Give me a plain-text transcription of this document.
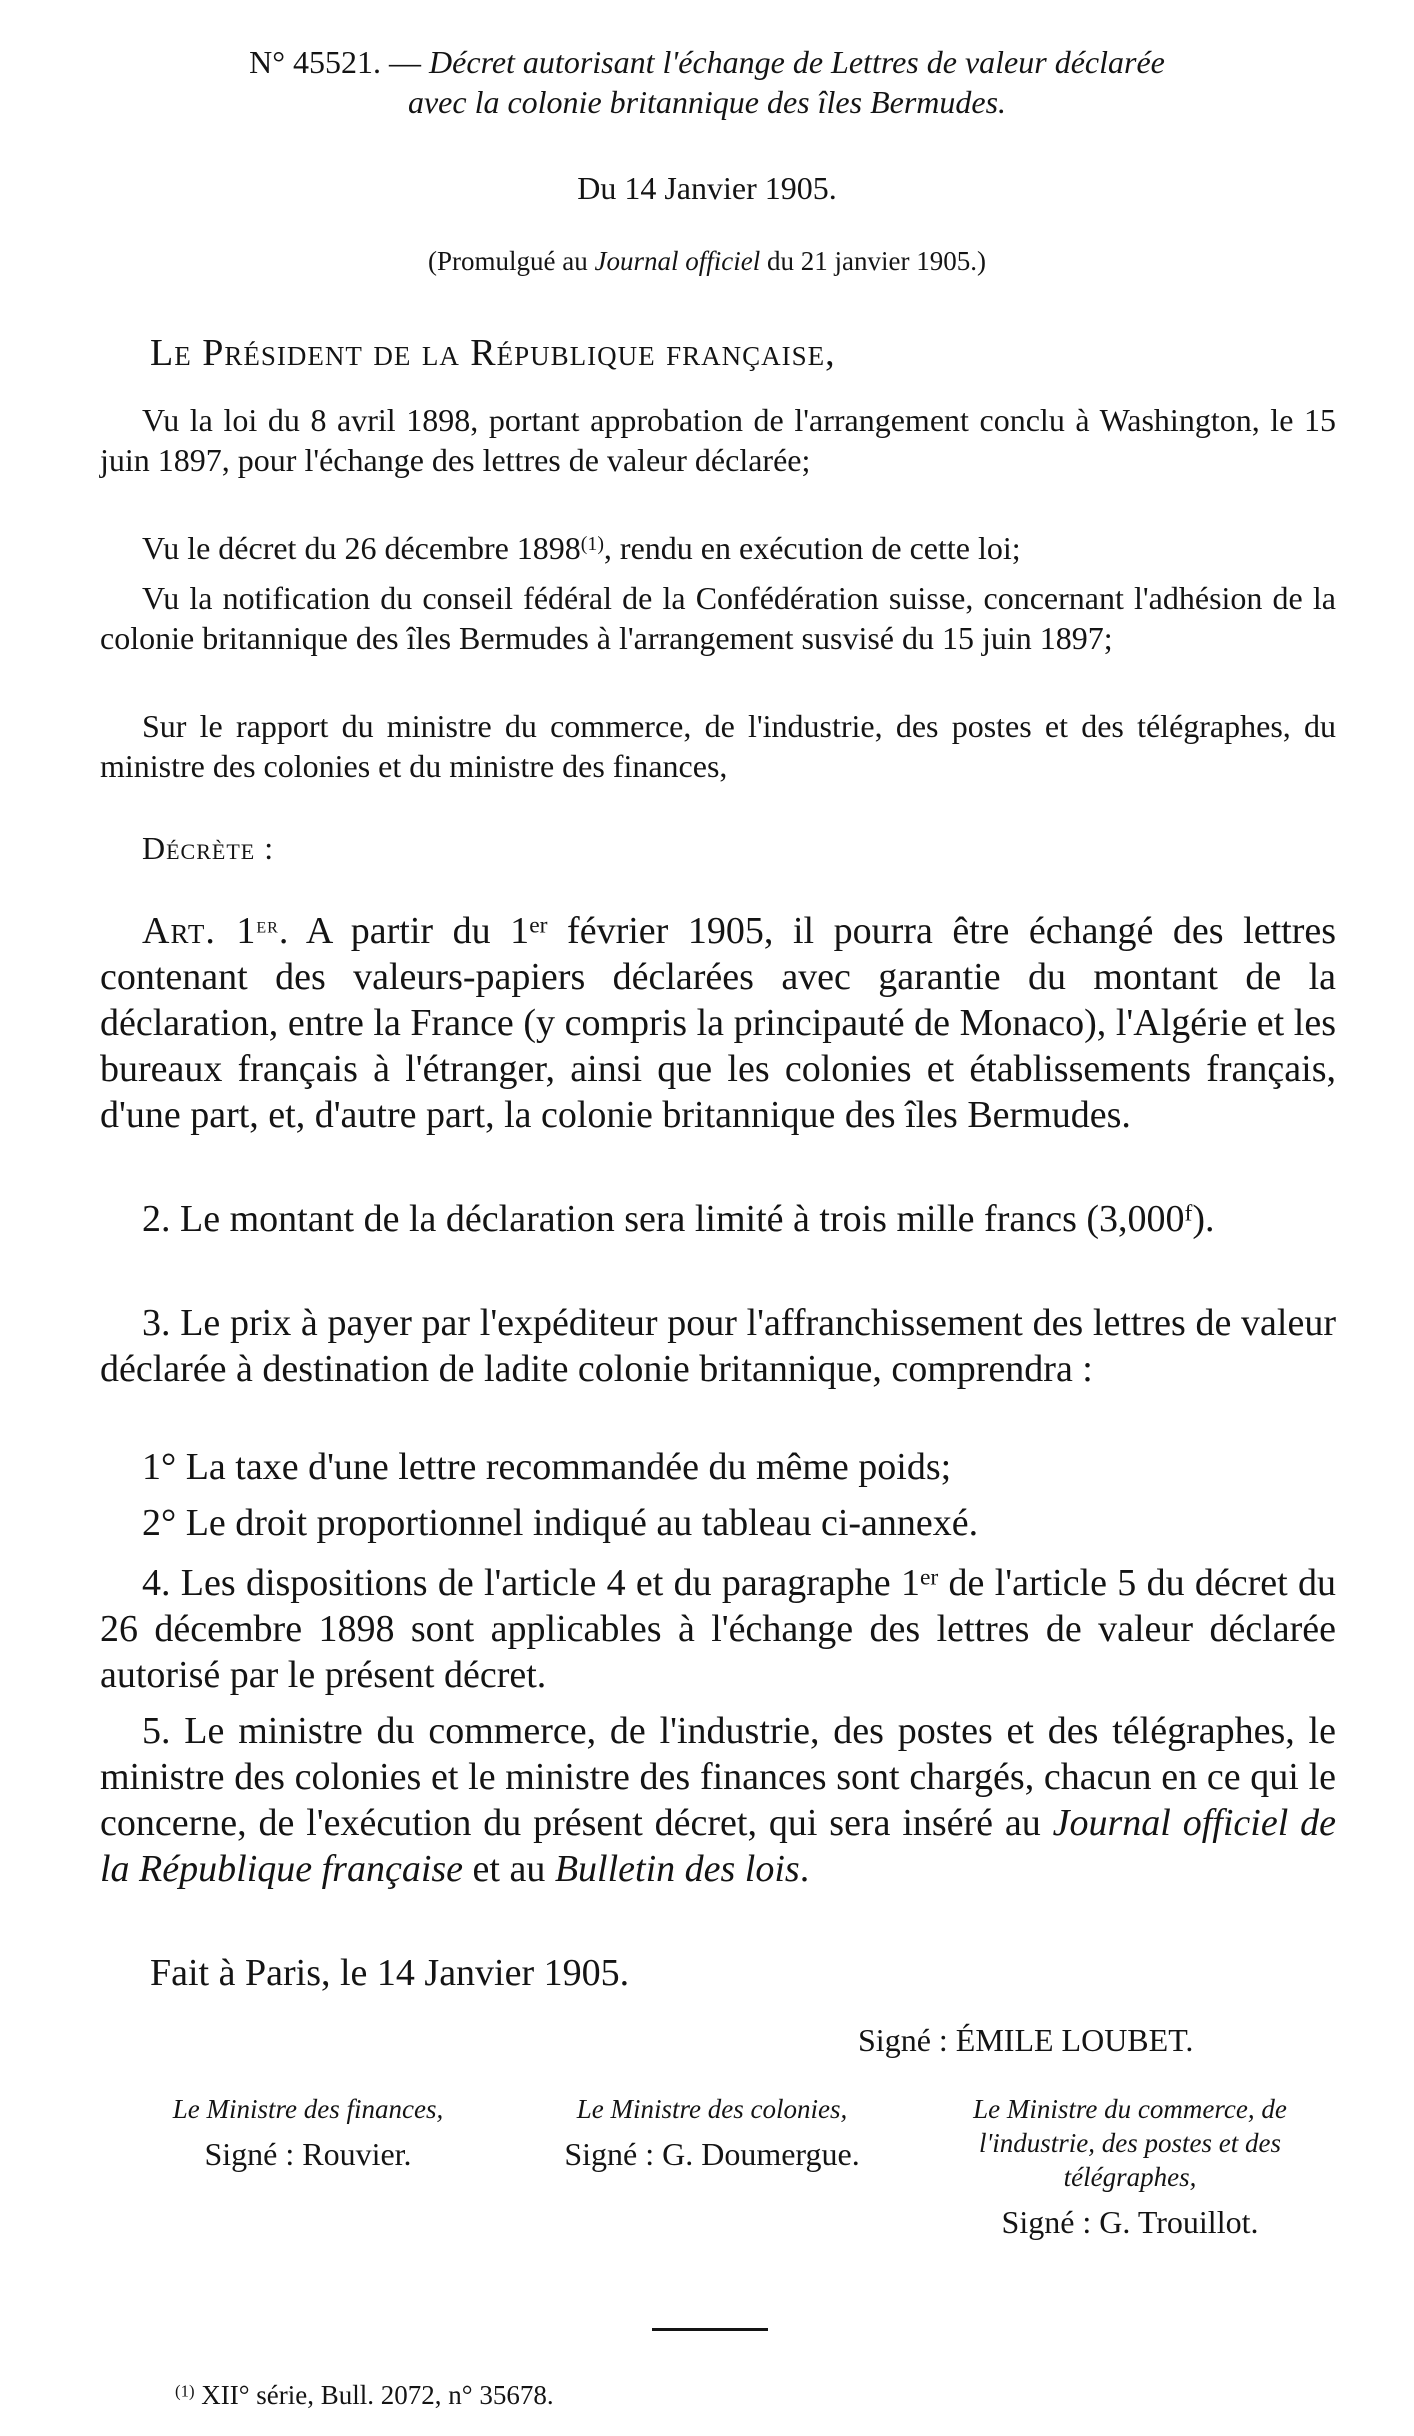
N° 45521. — Décret autorisant l'échange de Lettres de valeur déclarée
avec la colonie britannique des îles Bermudes.
Du 14 Janvier 1905.
(Promulgué au Journal officiel du 21 janvier 1905.)
Le Président de la République française,
Vu la loi du 8 avril 1898, portant approbation de l'arrangement conclu à Washington, le 15 juin 1897, pour l'échange des lettres de valeur déclarée;
Vu le décret du 26 décembre 1898$^{(1)}$, rendu en exécution de cette loi;
Vu la notification du conseil fédéral de la Confédération suisse, concernant l'adhésion de la colonie britannique des îles Bermudes à l'arrangement susvisé du 15 juin 1897;
Sur le rapport du ministre du commerce, de l'industrie, des postes et des télégraphes, du ministre des colonies et du ministre des finances,
Décrète :
Art. 1er. A partir du 1er février 1905, il pourra être échangé des lettres contenant des valeurs-papiers déclarées avec garantie du montant de la déclaration, entre la France (y compris la principauté de Monaco), l'Algérie et les bureaux français à l'étranger, ainsi que les colonies et établissements français, d'une part, et, d'autre part, la colonie britannique des îles Bermudes.
2. Le montant de la déclaration sera limité à trois mille francs (3,000$^f$).
3. Le prix à payer par l'expéditeur pour l'affranchissement des lettres de valeur déclarée à destination de ladite colonie britannique, comprendra :
1° La taxe d'une lettre recommandée du même poids;
2° Le droit proportionnel indiqué au tableau ci-annexé.
4. Les dispositions de l'article 4 et du paragraphe 1er de l'article 5 du décret du 26 décembre 1898 sont applicables à l'échange des lettres de valeur déclarée autorisé par le présent décret.
5. Le ministre du commerce, de l'industrie, des postes et des télégraphes, le ministre des colonies et le ministre des finances sont chargés, chacun en ce qui le concerne, de l'exécution du présent décret, qui sera inséré au Journal officiel de la République française et au Bulletin des lois.
Fait à Paris, le 14 Janvier 1905.
Signé : ÉMILE LOUBET.
Le Ministre des finances,
Signé : Rouvier.
Le Ministre des colonies,
Signé : G. Doumergue.
Le Ministre du commerce, de l'industrie, des postes et des télégraphes,
Signé : G. Trouillot.
$^{(1)}$ XII° série, Bull. 2072, n° 35678.
